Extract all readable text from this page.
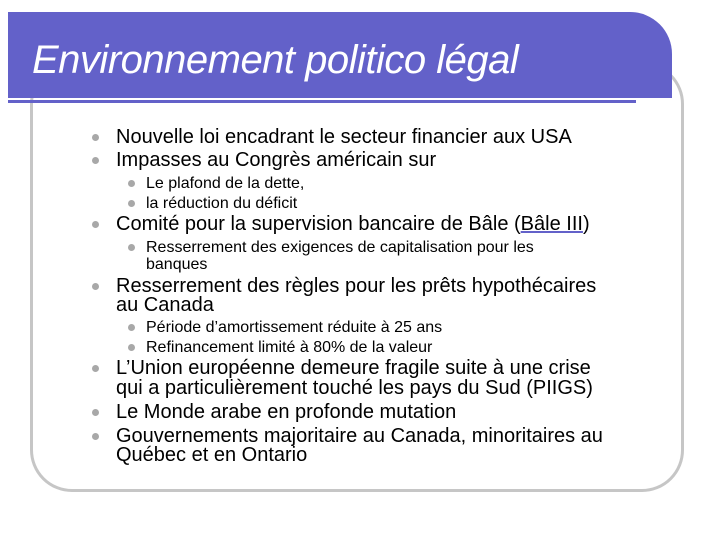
Environnement politico légal
Nouvelle loi encadrant le secteur financier aux USA
Impasses au Congrès américain sur
Le plafond de la dette,
la réduction du déficit
Comité pour la supervision bancaire de Bâle (Bâle III)
Resserrement des exigences de capitalisation pour les
banques
Resserrement des règles pour les prêts hypothécaires
au Canada
Période d’amortissement réduite à 25 ans
Refinancement limité à 80% de la valeur
L’Union européenne demeure fragile suite à une crise
qui a particulièrement touché les pays du Sud (PIIGS)
Le Monde arabe en profonde mutation
Gouvernements majoritaire au Canada, minoritaires au
Québec et en Ontario
